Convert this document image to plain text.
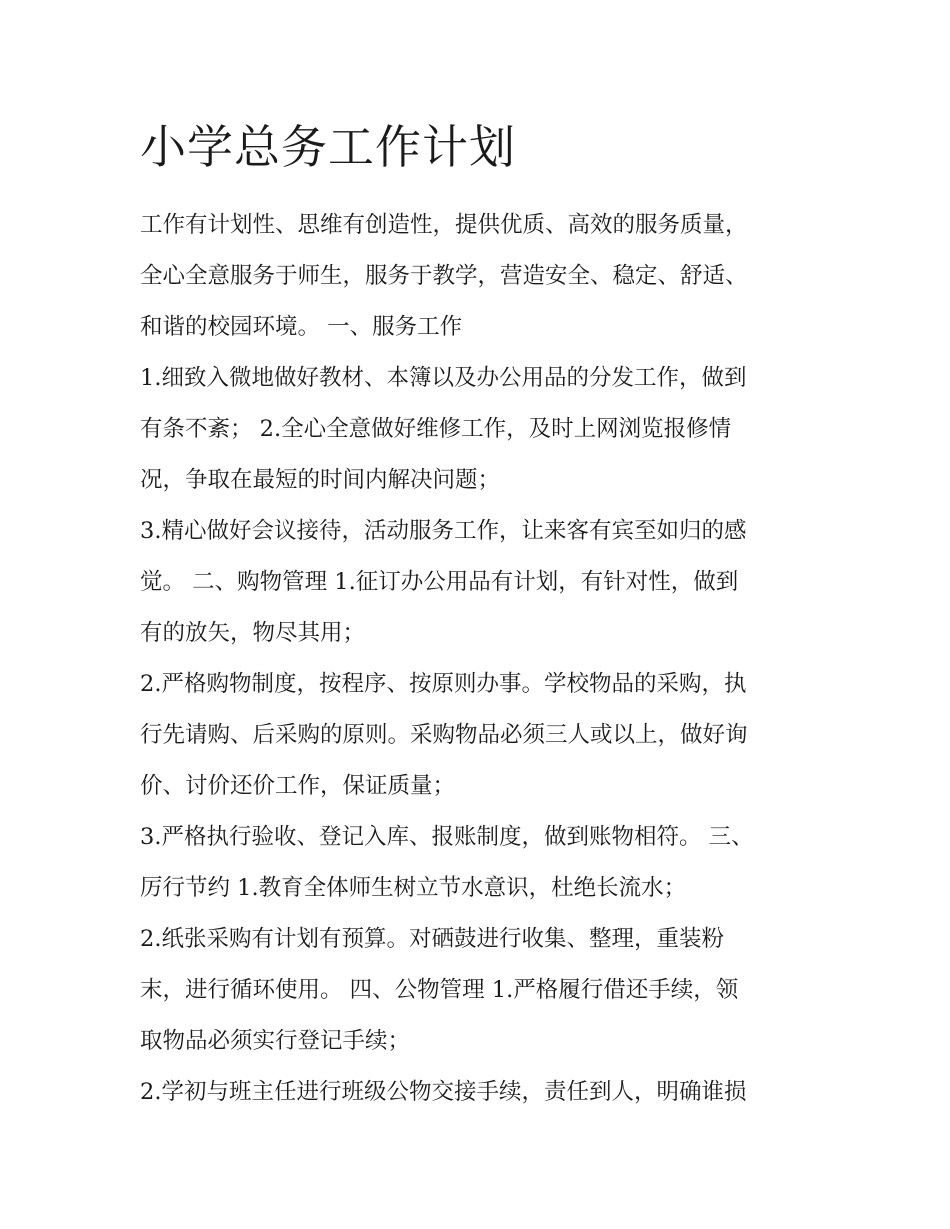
小学总务工作计划
工作有计划性、思维有创造性，提供优质、高效的服务质量，
全心全意服务于师生，服务于教学，营造安全、稳定、舒适、
和谐的校园环境。 一、服务工作
1.细致入微地做好教材、本簿以及办公用品的分发工作，做到
有条不紊； 2.全心全意做好维修工作，及时上网浏览报修情
况，争取在最短的时间内解决问题；
3.精心做好会议接待，活动服务工作，让来客有宾至如归的感
觉。 二、购物管理 1.征订办公用品有计划，有针对性，做到
有的放矢，物尽其用；
2.严格购物制度，按程序、按原则办事。学校物品的采购，执
行先请购、后采购的原则。采购物品必须三人或以上，做好询
价、讨价还价工作，保证质量；
3.严格执行验收、登记入库、报账制度，做到账物相符。 三、
厉行节约 1.教育全体师生树立节水意识，杜绝长流水；
2.纸张采购有计划有预算。对硒鼓进行收集、整理，重装粉
末，进行循环使用。 四、公物管理 1.严格履行借还手续，领
取物品必须实行登记手续；
2.学初与班主任进行班级公物交接手续，责任到人，明确谁损
